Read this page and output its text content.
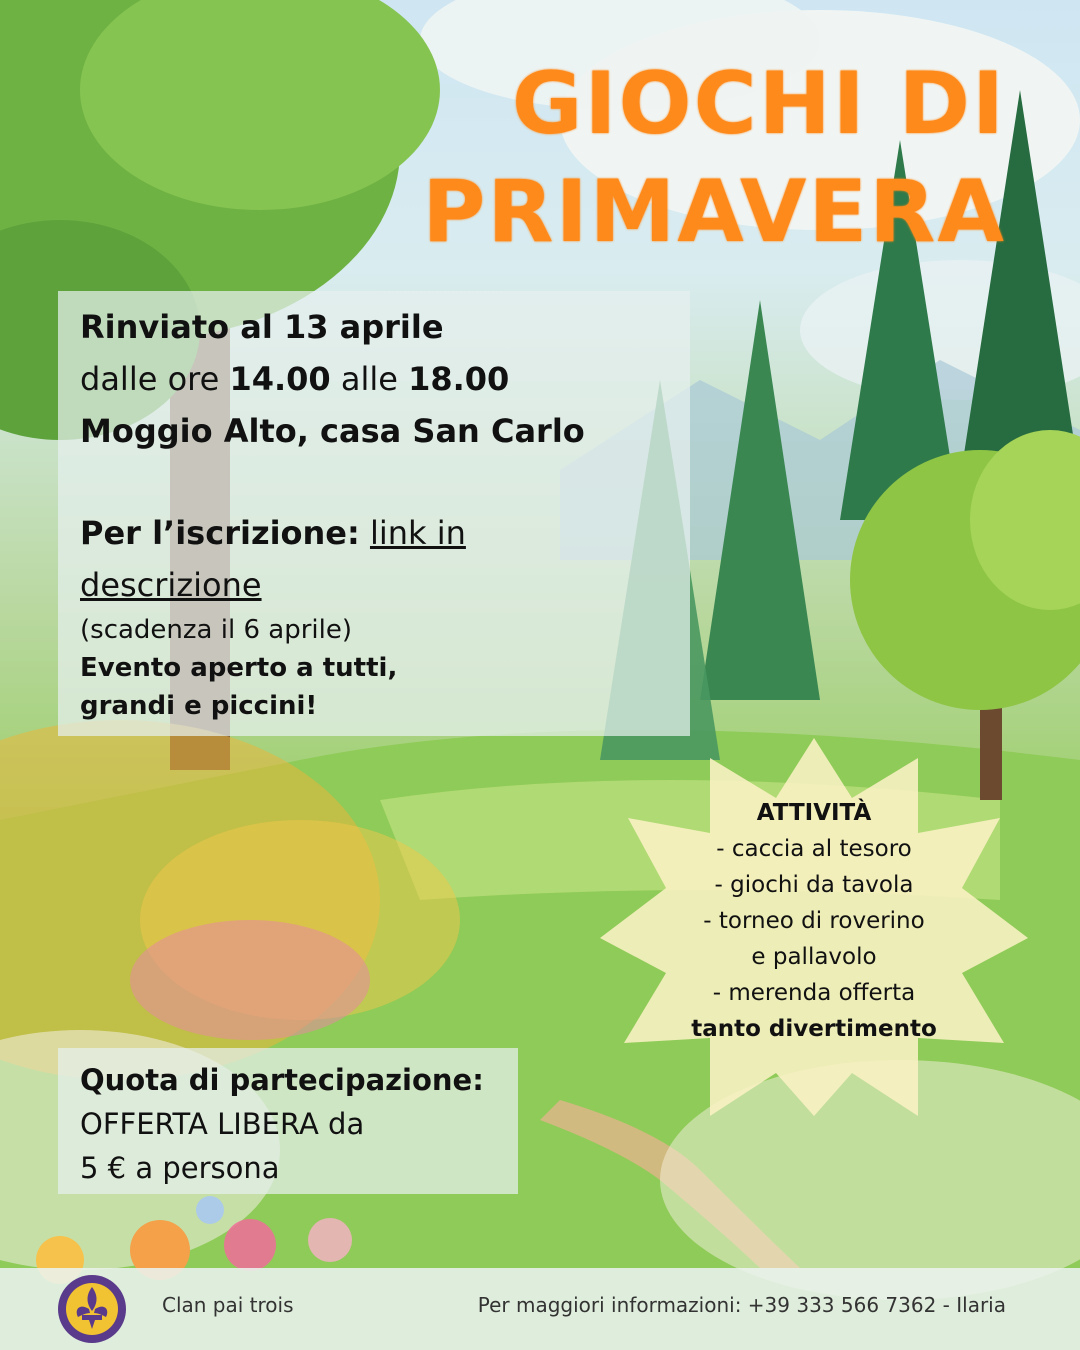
GIOCHI DI
PRIMAVERA
Rinviato al 13 aprile
dalle ore 14.00 alle 18.00
Moggio Alto, casa San Carlo
Per l’iscrizione: link in
descrizione
(scadenza il 6 aprile)
Evento aperto a tutti,
grandi e piccini!
ATTIVITÀ
- caccia al tesoro
- giochi da tavola
- torneo di roverino
e pallavolo
- merenda offerta
tanto divertimento
Quota di partecipazione:
OFFERTA LIBERA da
5 € a persona
Clan pai trois	Per maggiori informazioni: +39 333 566 7362 - Ilaria
